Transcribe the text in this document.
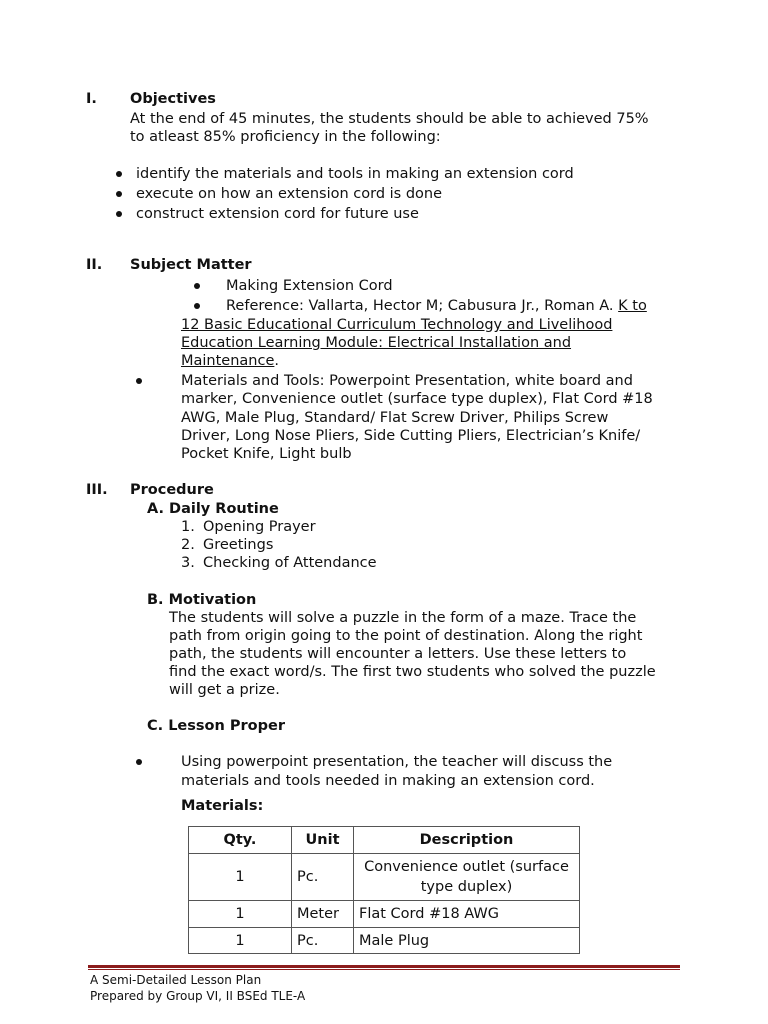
I. Objectives
At the end of 45 minutes, the students should be able to achieved 75%
to atleast 85% proficiency in the following:
identify the materials and tools in making an extension cord
execute on how an extension cord is done
construct extension cord for future use
II. Subject Matter
Making Extension Cord
Reference: Vallarta, Hector M; Cabusura Jr., Roman A. K to
12 Basic Educational Curriculum Technology and Livelihood
Education Learning Module: Electrical Installation and
Maintenance.
Materials and Tools: Powerpoint Presentation, white board and
marker, Convenience outlet (surface type duplex), Flat Cord #18
AWG, Male Plug, Standard/ Flat Screw Driver, Philips Screw
Driver, Long Nose Pliers, Side Cutting Pliers, Electrician’s Knife/
Pocket Knife, Light bulb
III. Procedure
A. Daily Routine
1. Opening Prayer
2. Greetings
3. Checking of Attendance
B. Motivation
The students will solve a puzzle in the form of a maze. Trace the
path from origin going to the point of destination. Along the right
path, the students will encounter a letters. Use these letters to
find the exact word/s. The first two students who solved the puzzle
will get a prize.
C. Lesson Proper
Using powerpoint presentation, the teacher will discuss the
materials and tools needed in making an extension cord.
Materials:
Qty.	Unit	Description
1	Pc.	Convenience outlet (surface
type duplex)

1	Meter	Flat Cord #18 AWG
1	Pc.	Male Plug
A Semi-Detailed Lesson Plan
Prepared by Group VI, II BSEd TLE-A
